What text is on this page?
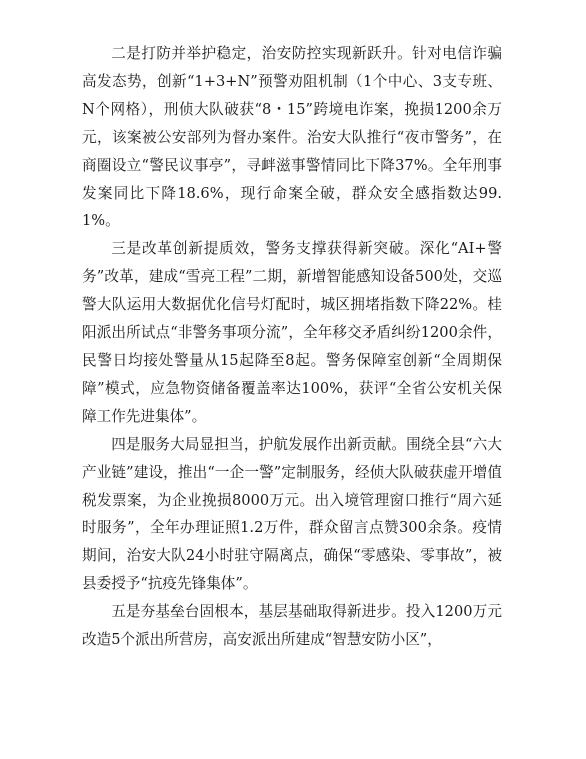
二是打防并举护稳定，治安防控实现新跃升。针对电信诈骗高发态势，创新“1+3+N”预警劝阻机制（1个中心、3支专班、N个网格），刑侦大队破获“8・15”跨境电诈案，挽损1200余万元，该案被公安部列为督办案件。治安大队推行“夜市警务”，在商圈设立“警民议事亭”，寻衅滋事警情同比下降37%。全年刑事发案同比下降18.6%，现行命案全破，群众安全感指数达99.1%。

三是改革创新提质效，警务支撑获得新突破。深化“AI+警务”改革，建成“雪亮工程”二期，新增智能感知设备500处，交巡警大队运用大数据优化信号灯配时，城区拥堵指数下降22%。桂阳派出所试点“非警务事项分流”，全年移交矛盾纠纷1200余件，民警日均接处警量从15起降至8起。警务保障室创新“全周期保障”模式，应急物资储备覆盖率达100%，获评“全省公安机关保障工作先进集体”。

四是服务大局显担当，护航发展作出新贡献。围绕全县“六大产业链”建设，推出“一企一警”定制服务，经侦大队破获虚开增值税发票案，为企业挽损8000万元。出入境管理窗口推行“周六延时服务”，全年办理证照1.2万件，群众留言点赞300余条。疫情期间，治安大队24小时驻守隔离点，确保“零感染、零事故”，被县委授予“抗疫先锋集体”。

五是夯基垒台固根本，基层基础取得新进步。投入1200万元改造5个派出所营房，高安派出所建成“智慧安防小区”，
